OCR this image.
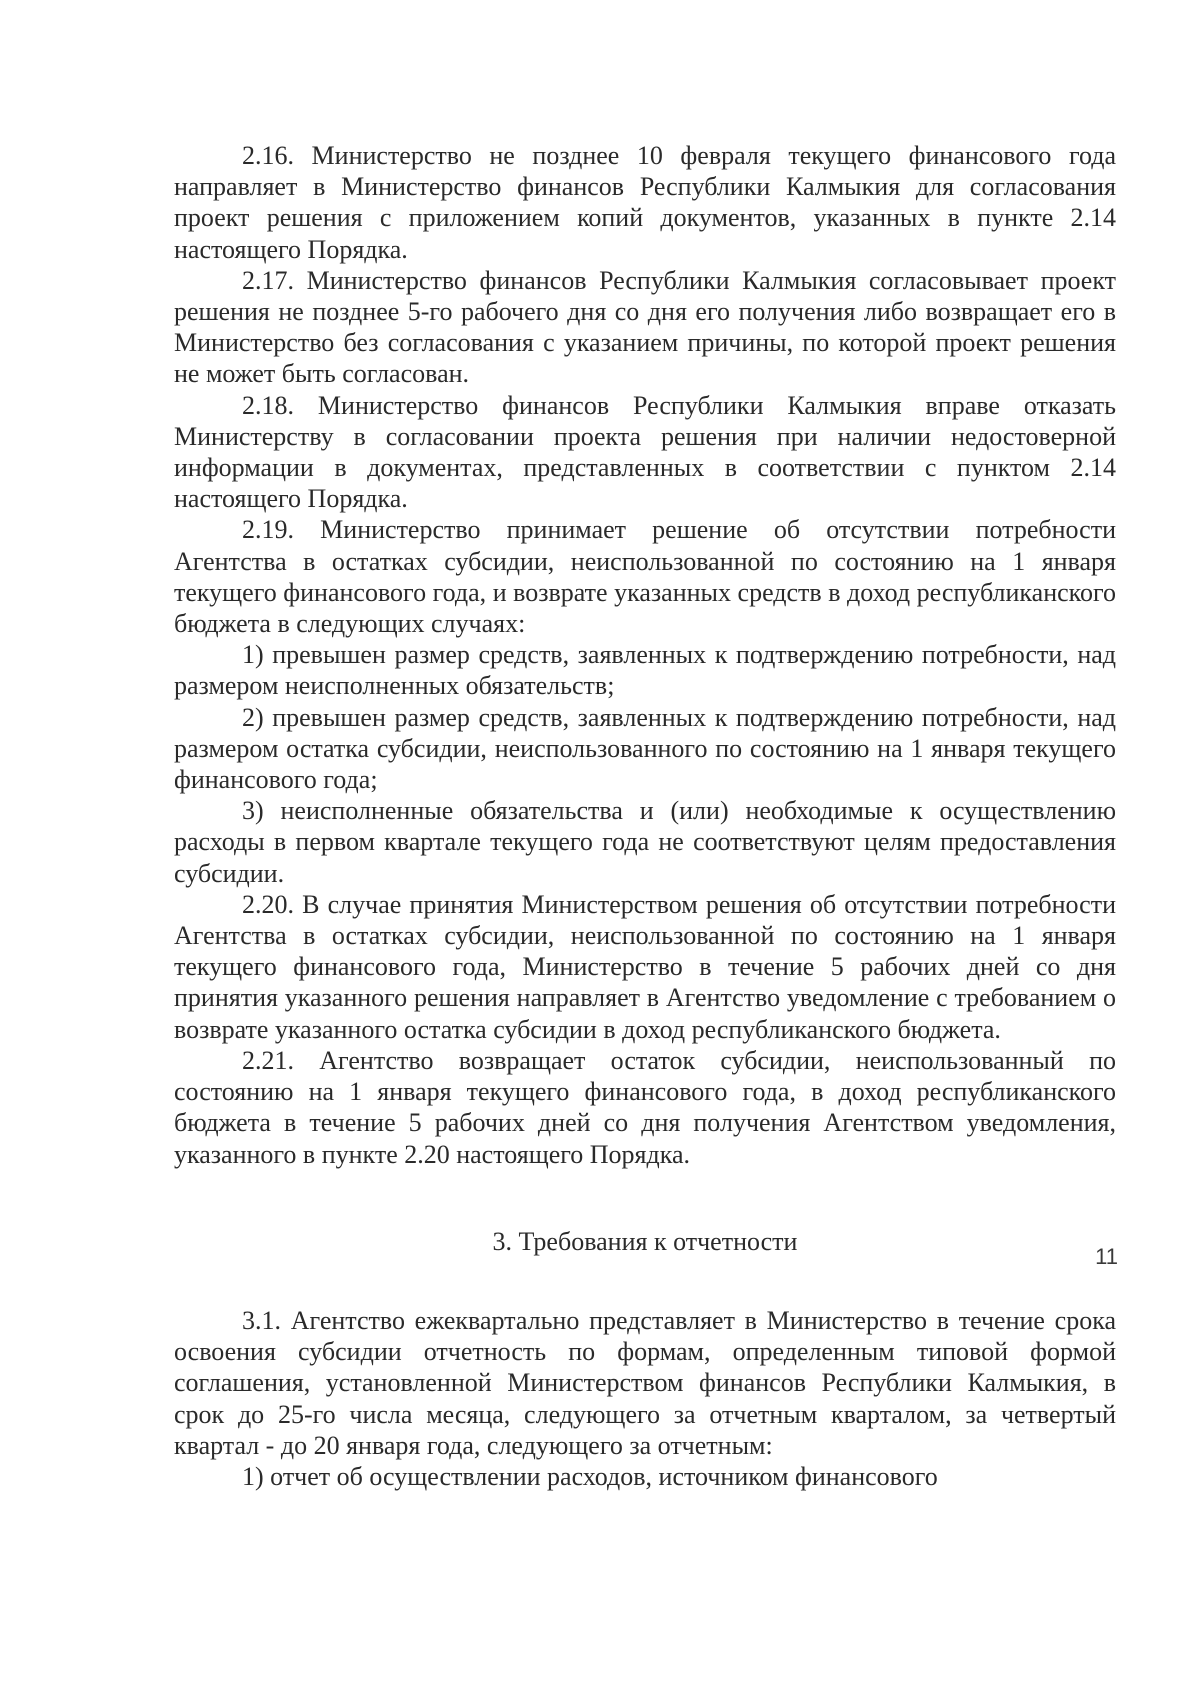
2.16. Министерство не позднее 10 февраля текущего финансового года направляет в Министерство финансов Республики Калмыкия для согласования проект решения с приложением копий документов, указанных в пункте 2.14 настоящего Порядка.

2.17. Министерство финансов Республики Калмыкия согласовывает проект решения не позднее 5-го рабочего дня со дня его получения либо возвращает его в Министерство без согласования с указанием причины, по которой проект решения не может быть согласован.

2.18. Министерство финансов Республики Калмыкия вправе отказать Министерству в согласовании проекта решения при наличии недостоверной информации в документах, представленных в соответствии с пунктом 2.14 настоящего Порядка.

2.19. Министерство принимает решение об отсутствии потребности Агентства в остатках субсидии, неиспользованной по состоянию на 1 января текущего финансового года, и возврате указанных средств в доход республиканского бюджета в следующих случаях:

1) превышен размер средств, заявленных к подтверждению потребности, над размером неисполненных обязательств;

2) превышен размер средств, заявленных к подтверждению потребности, над размером остатка субсидии, неиспользованного по состоянию на 1 января текущего финансового года;

3) неисполненные обязательства и (или) необходимые к осуществлению расходы в первом квартале текущего года не соответствуют целям предоставления субсидии.

2.20. В случае принятия Министерством решения об отсутствии потребности Агентства в остатках субсидии, неиспользованной по состоянию на 1 января текущего финансового года, Министерство в течение 5 рабочих дней со дня принятия указанного решения направляет в Агентство уведомление с требованием о возврате указанного остатка субсидии в доход республиканского бюджета.

2.21. Агентство возвращает остаток субсидии, неиспользованный по состоянию на 1 января текущего финансового года, в доход республиканского бюджета в течение 5 рабочих дней со дня получения Агентством уведомления, указанного в пункте 2.20 настоящего Порядка.

3. Требования к отчетности

3.1. Агентство ежеквартально представляет в Министерство в течение срока освоения субсидии отчетность по формам, определенным типовой формой соглашения, установленной Министерством финансов Республики Калмыкия, в срок до 25-го числа месяца, следующего за отчетным кварталом, за четвертый квартал - до 20 января года, следующего за отчетным:

1) отчет об осуществлении расходов, источником финансового

11
